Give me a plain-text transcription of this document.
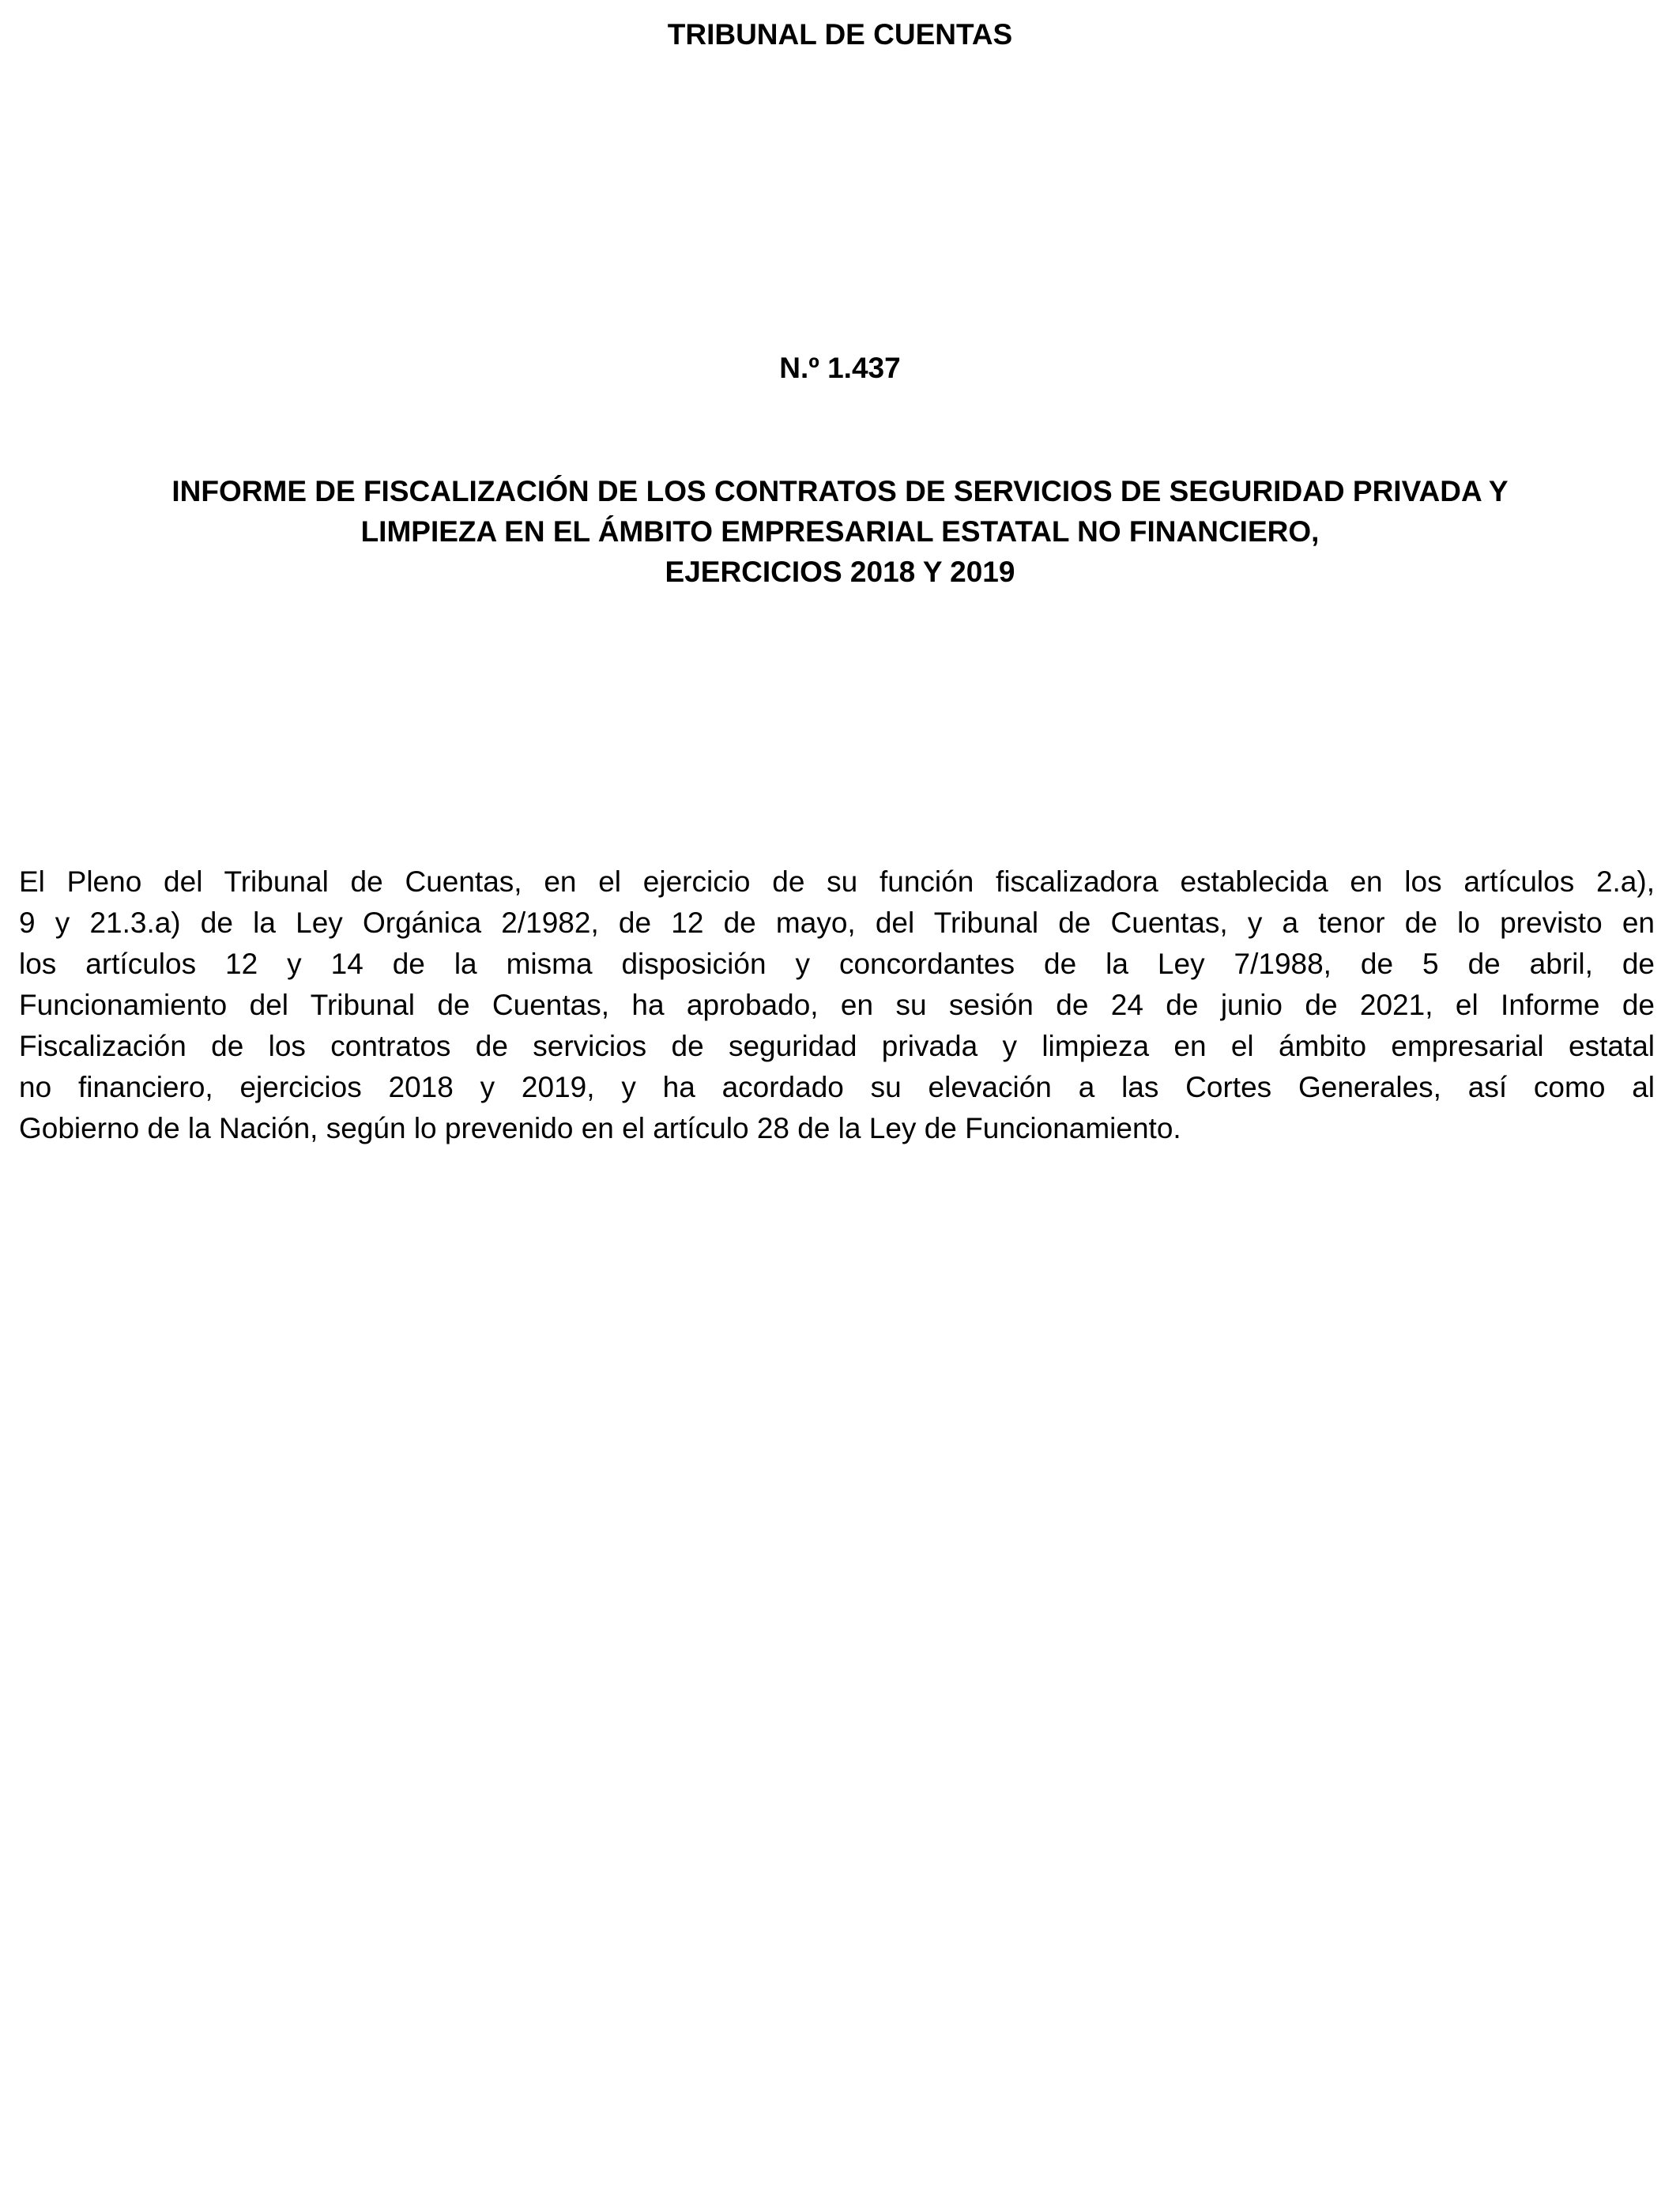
TRIBUNAL DE CUENTAS
N.º 1.437
INFORME DE FISCALIZACIÓN DE LOS CONTRATOS DE SERVICIOS DE SEGURIDAD PRIVADA Y
LIMPIEZA EN EL ÁMBITO EMPRESARIAL ESTATAL NO FINANCIERO,
EJERCICIOS 2018 Y 2019

El Pleno del Tribunal de Cuentas, en el ejercicio de su función fiscalizadora establecida en los artículos 2.a),
9 y 21.3.a) de la Ley Orgánica 2/1982, de 12 de mayo, del Tribunal de Cuentas, y a tenor de lo previsto en
los artículos 12 y 14 de la misma disposición y concordantes de la Ley 7/1988, de 5 de abril, de
Funcionamiento del Tribunal de Cuentas, ha aprobado, en su sesión de 24 de junio de 2021, el Informe de
Fiscalización de los contratos de servicios de seguridad privada y limpieza en el ámbito empresarial estatal
no financiero, ejercicios 2018 y 2019, y ha acordado su elevación a las Cortes Generales, así como al
Gobierno de la Nación, según lo prevenido en el artículo 28 de la Ley de Funcionamiento.
